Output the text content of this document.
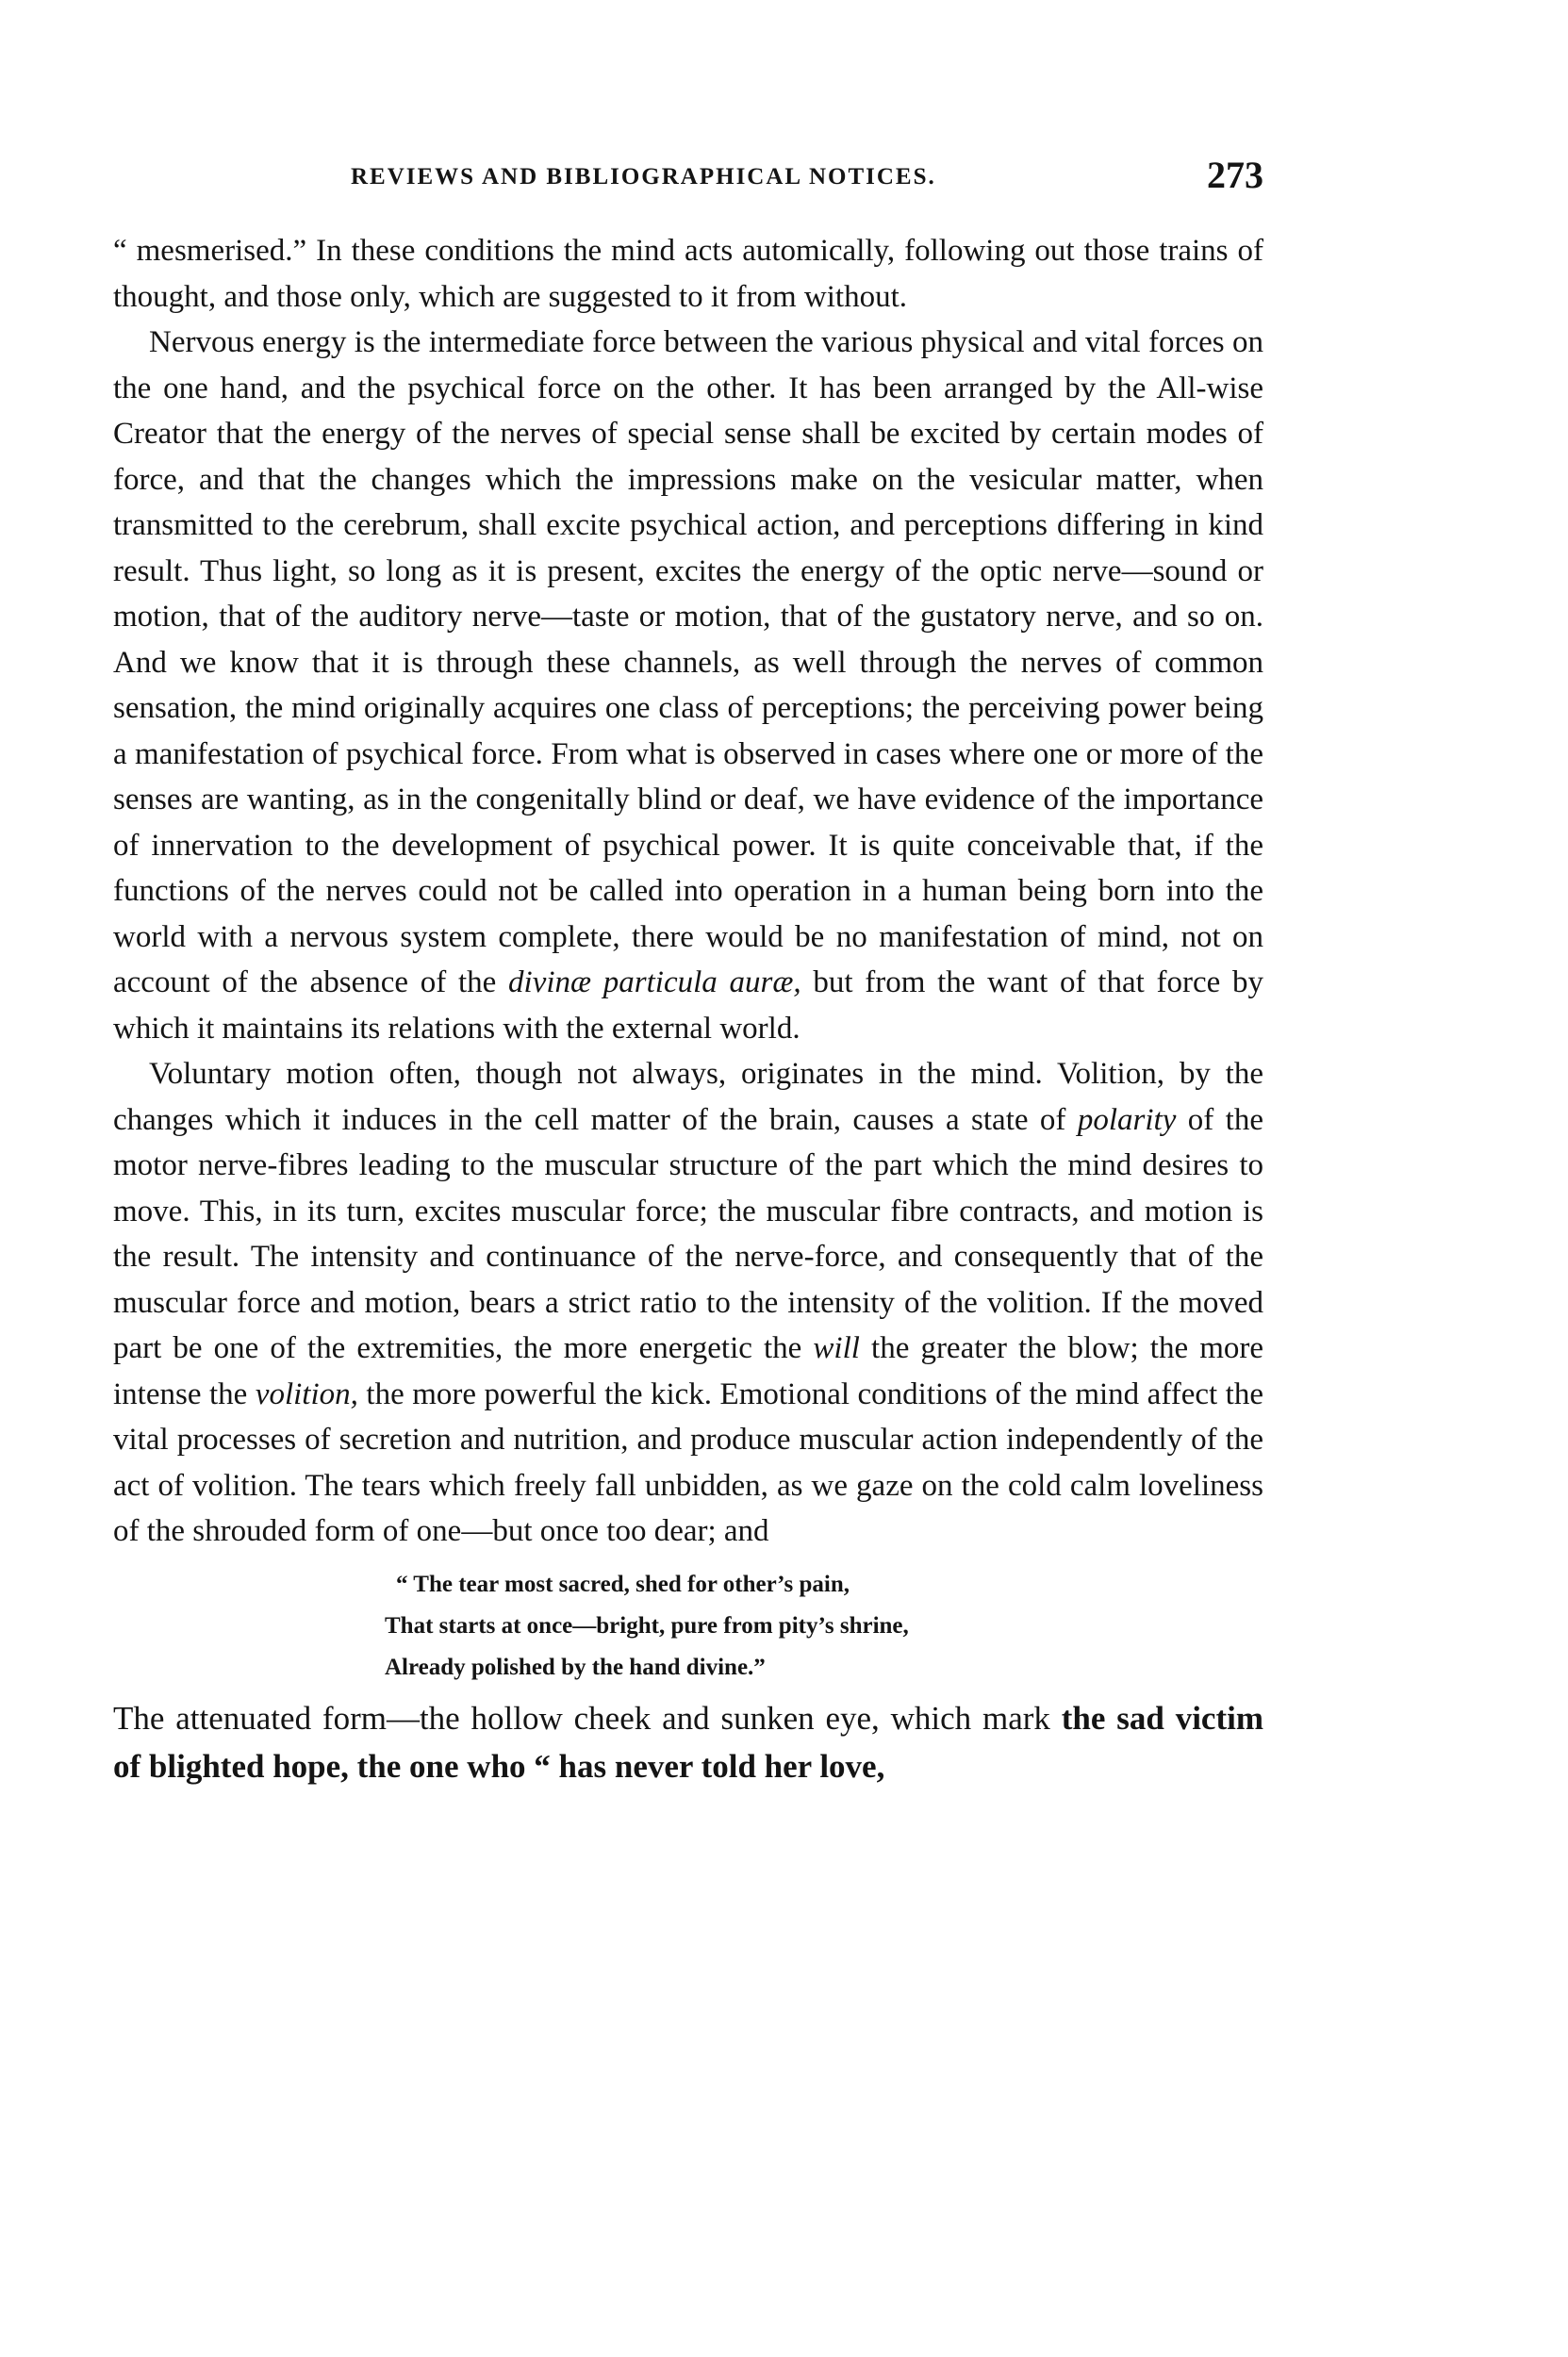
REVIEWS AND BIBLIOGRAPHICAL NOTICES.	273

“ mesmerised.” In these conditions the mind acts automically, following out those trains of thought, and those only, which are suggested to it from without.

Nervous energy is the intermediate force between the various physical and vital forces on the one hand, and the psychical force on the other. It has been arranged by the All-wise Creator that the energy of the nerves of special sense shall be excited by certain modes of force, and that the changes which the impressions make on the vesicular matter, when transmitted to the cerebrum, shall excite psychical action, and perceptions differing in kind result. Thus light, so long as it is present, excites the energy of the optic nerve—sound or motion, that of the auditory nerve—taste or motion, that of the gustatory nerve, and so on. And we know that it is through these channels, as well through the nerves of common sensation, the mind originally acquires one class of perceptions; the perceiving power being a manifestation of psychical force. From what is observed in cases where one or more of the senses are wanting, as in the congenitally blind or deaf, we have evidence of the importance of innervation to the development of psychical power. It is quite conceivable that, if the functions of the nerves could not be called into operation in a human being born into the world with a nervous system complete, there would be no manifestation of mind, not on account of the absence of the divinæ particula auræ, but from the want of that force by which it maintains its relations with the external world.

Voluntary motion often, though not always, originates in the mind. Volition, by the changes which it induces in the cell matter of the brain, causes a state of polarity of the motor nerve-fibres leading to the muscular structure of the part which the mind desires to move. This, in its turn, excites muscular force; the muscular fibre contracts, and motion is the result. The intensity and continuance of the nerve-force, and consequently that of the muscular force and motion, bears a strict ratio to the intensity of the volition. If the moved part be one of the extremities, the more energetic the will the greater the blow; the more intense the volition, the more powerful the kick. Emotional conditions of the mind affect the vital processes of secretion and nutrition, and produce muscular action independently of the act of volition. The tears which freely fall unbidden, as we gaze on the cold calm loveliness of the shrouded form of one—but once too dear; and

“ The tear most sacred, shed for other’s pain,
That starts at once—bright, pure from pity’s shrine,
Already polished by the hand divine.”

The attenuated form—the hollow cheek and sunken eye, which mark the sad victim of blighted hope, the one who “ has never told her love,
